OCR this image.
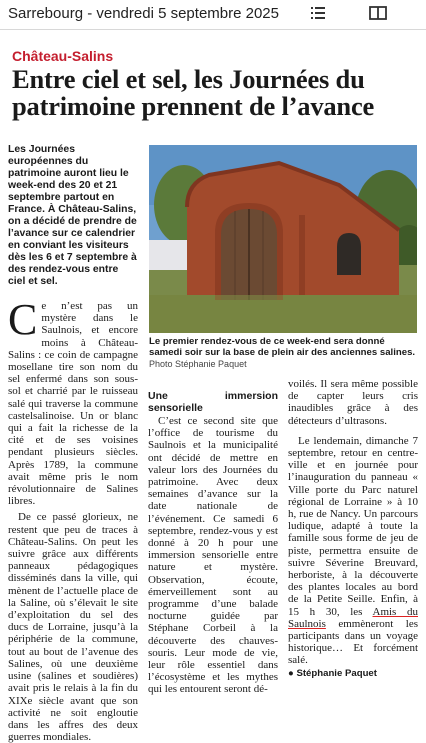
Sarrebourg - vendredi 5 septembre 2025
Château-Salins
Entre ciel et sel, les Journées du patrimoine prennent de l’avance
Les Journées européennes du patrimoine auront lieu le week-end des 20 et 21 septembre partout en France. À Château-Salins, on a décidé de prendre de l’avance sur ce calendrier en conviant les visiteurs dès les 6 et 7 septembre à des rendez-vous entre ciel et sel.

Ce n’est pas un mystère dans le Saulnois, et encore moins à Château-Salins : ce coin de campagne mosellane tire son nom du sel enfermé dans son sous-sol et charrié par le ruisseau salé qui traverse la commune castelsalinoise. Un or blanc qui a fait la richesse de la cité et de ses voisines pendant plusieurs siècles. Après 1789, la commune avait même pris le nom révolutionnaire de Salines libres.

De ce passé glorieux, ne restent que peu de traces à Château-Salins. On peut les suivre grâce aux différents panneaux pédagogiques disséminés dans la ville, qui mènent de l’actuelle place de la Saline, où s’élevait le site d’exploitation du sel des ducs de Lorraine, jusqu’à la périphérie de la commune, tout au bout de l’avenue des Salines, où une deuxième usine (salines et soudières) avait pris le relais à la fin du XIXe siècle avant que son activité ne soit engloutie dans les affres des deux guerres mondiales.

Le premier rendez-vous de ce week-end sera donné samedi soir sur la base de plein air des anciennes salines.
Photo Stéphanie Paquet
Une immersion sensorielle

C’est ce second site que l’office de tourisme du Saulnois et la municipalité ont décidé de mettre en valeur lors des Journées du patrimoine. Avec deux semaines d’avance sur la date nationale de l’événement. Ce samedi 6 septembre, rendez-vous y est donné à 20 h pour une immersion sensorielle entre nature et mystère. Observation, écoute, émerveillement sont au programme d’une balade nocturne guidée par Stéphane Corbeil à la découverte des chauves-souris. Leur mode de vie, leur rôle essentiel dans l’écosystème et les mythes qui les entourent seront dé-

voilés. Il sera même possible de capter leurs cris inaudibles grâce à des détecteurs d’ultrasons.

Le lendemain, dimanche 7 septembre, retour en centre-ville et en journée pour l’inauguration du panneau « Ville porte du Parc naturel régional de Lorraine » à 10 h, rue de Nancy. Un parcours ludique, adapté à toute la famille sous forme de jeu de piste, permettra ensuite de suivre Séverine Breuvard, herboriste, à la découverte des plantes locales au bord de la Petite Seille. Enfin, à 15 h 30, les Amis du Saulnois emmèneront les participants dans un voyage historique… Et forcément salé.

● Stéphanie Paquet
